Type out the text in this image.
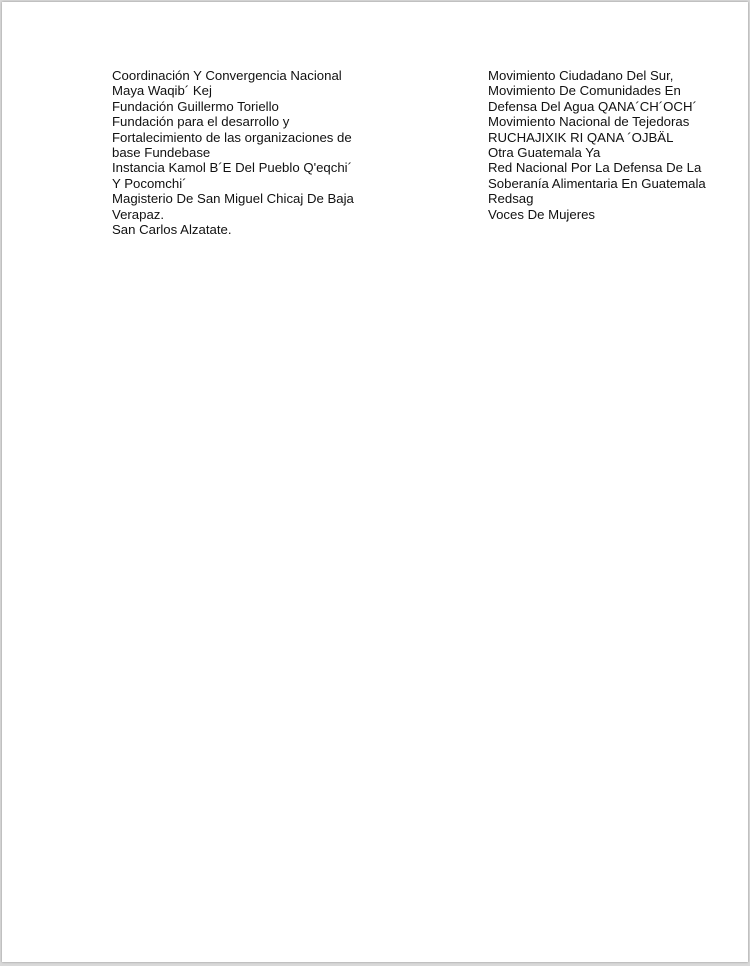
Coordinación Y Convergencia Nacional
Maya Waqib´ Kej
Fundación Guillermo Toriello
Fundación para el desarrollo y
Fortalecimiento de las organizaciones de
base Fundebase
Instancia Kamol B´E Del Pueblo Q'eqchi´
Y Pocomchi´
Magisterio De San Miguel Chicaj De Baja
Verapaz.
San Carlos Alzatate.
Movimiento Ciudadano Del Sur,
Movimiento De Comunidades En
Defensa Del Agua QANA´CH´OCH´
Movimiento Nacional de Tejedoras
RUCHAJIXIK RI QANA ´OJBÄL
Otra Guatemala Ya
Red Nacional Por La Defensa De La
Soberanía Alimentaria En Guatemala
Redsag
Voces De Mujeres
